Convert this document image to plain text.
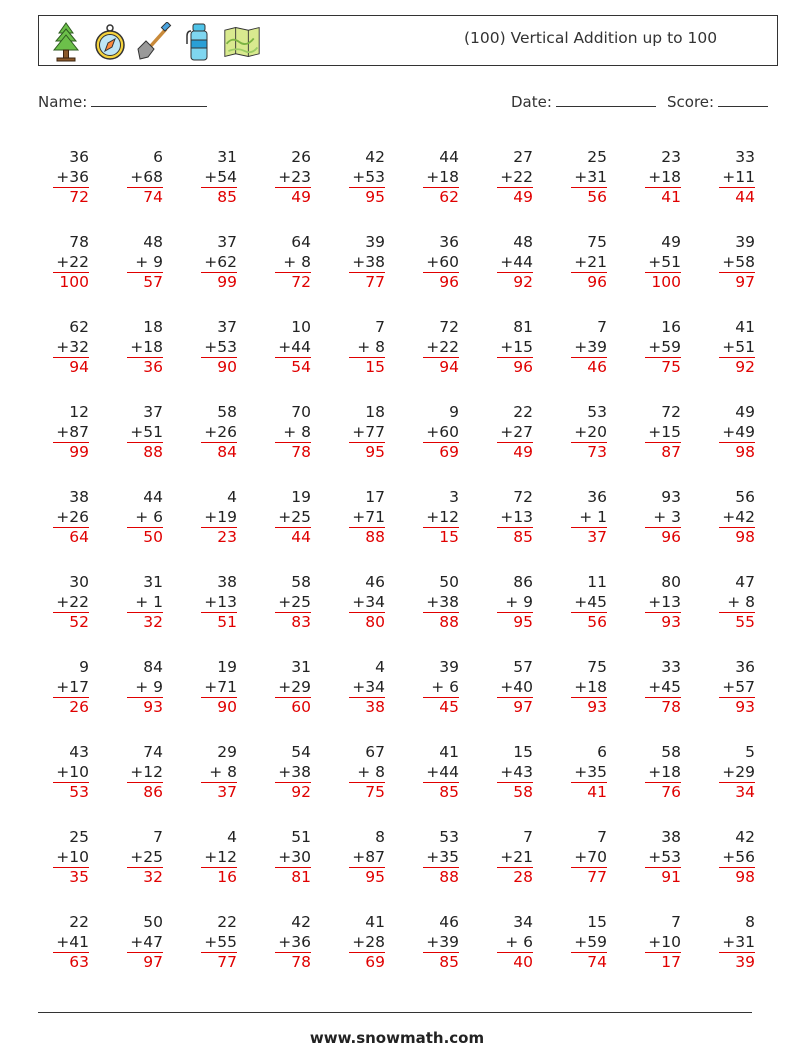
(100) Vertical Addition up to 100
Name:	Date:	Score:
36
+36
72
6
+68
74
31
+54
85
26
+23
49
42
+53
95
44
+18
62
27
+22
49
25
+31
56
23
+18
41
33
+11
44
78
+22
100
48
+ 9
57
37
+62
99
64
+ 8
72
39
+38
77
36
+60
96
48
+44
92
75
+21
96
49
+51
100
39
+58
97
62
+32
94
18
+18
36
37
+53
90
10
+44
54
7
+ 8
15
72
+22
94
81
+15
96
7
+39
46
16
+59
75
41
+51
92
12
+87
99
37
+51
88
58
+26
84
70
+ 8
78
18
+77
95
9
+60
69
22
+27
49
53
+20
73
72
+15
87
49
+49
98
38
+26
64
44
+ 6
50
4
+19
23
19
+25
44
17
+71
88
3
+12
15
72
+13
85
36
+ 1
37
93
+ 3
96
56
+42
98
30
+22
52
31
+ 1
32
38
+13
51
58
+25
83
46
+34
80
50
+38
88
86
+ 9
95
11
+45
56
80
+13
93
47
+ 8
55
9
+17
26
84
+ 9
93
19
+71
90
31
+29
60
4
+34
38
39
+ 6
45
57
+40
97
75
+18
93
33
+45
78
36
+57
93
43
+10
53
74
+12
86
29
+ 8
37
54
+38
92
67
+ 8
75
41
+44
85
15
+43
58
6
+35
41
58
+18
76
5
+29
34
25
+10
35
7
+25
32
4
+12
16
51
+30
81
8
+87
95
53
+35
88
7
+21
28
7
+70
77
38
+53
91
42
+56
98
22
+41
63
50
+47
97
22
+55
77
42
+36
78
41
+28
69
46
+39
85
34
+ 6
40
15
+59
74
7
+10
17
8
+31
39
www.snowmath.com
